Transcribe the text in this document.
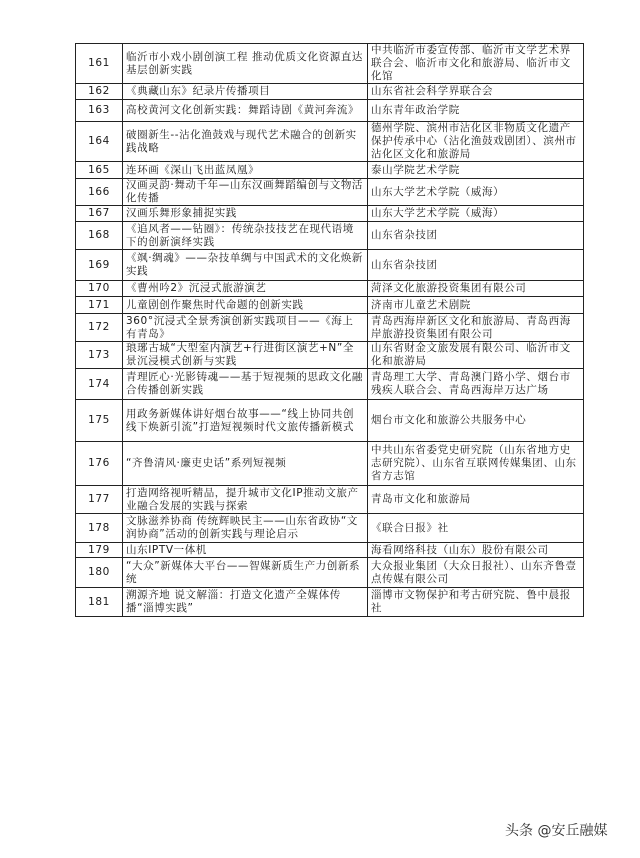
161	临沂市小戏小剧创演工程 推动优质文化资源直达基层创新实践	中共临沂市委宣传部、临沂市文学艺术界联合会、临沂市文化和旅游局、临沂市文化馆
162	《典藏山东》纪录片传播项目	山东省社会科学界联合会
163	高校黄河文化创新实践：舞蹈诗剧《黄河奔流》	山东青年政治学院
164	破圈新生--沾化渔鼓戏与现代艺术融合的创新实践战略	德州学院、滨州市沾化区非物质文化遗产保护传承中心（沾化渔鼓戏剧团）、滨州市沾化区文化和旅游局
165	连环画《深山飞出蓝凤凰》	泰山学院艺术学院
166	汉画灵韵·舞动千年—山东汉画舞蹈编创与文物活化传播	山东大学艺术学院（威海）
167	汉画乐舞形象捕捉实践	山东大学艺术学院（威海）
168	《追风者——钻圈》：传统杂技技艺在现代语境下的创新演绎实践	山东省杂技团
169	《飒·绸魂》——杂技单绸与中国武术的文化焕新实践	山东省杂技团
170	《曹州吟2》沉浸式旅游演艺	菏泽文化旅游投资集团有限公司
171	儿童剧创作聚焦时代命题的创新实践	济南市儿童艺术剧院
172	360°沉浸式全景秀演创新实践项目——《海上有青岛》	青岛西海岸新区文化和旅游局、青岛西海岸旅游投资集团有限公司
173	琅琊古城“大型室内演艺+行进街区演艺+N”全景沉浸模式创新与实践	山东省财金文旅发展有限公司、临沂市文化和旅游局
174	青理匠心·光影铸魂——基于短视频的思政文化融合传播创新实践	青岛理工大学、青岛澳门路小学、烟台市残疾人联合会、青岛西海岸万达广场
175	用政务新媒体讲好烟台故事——“线上协同共创线下焕新引流”打造短视频时代文旅传播新模式	烟台市文化和旅游公共服务中心
176	“齐鲁清风·廉吏史话”系列短视频	中共山东省委党史研究院（山东省地方史志研究院）、山东省互联网传媒集团、山东省方志馆
177	打造网络视听精品，提升城市文化IP推动文旅产业融合发展的实践与探索	青岛市文化和旅游局
178	文脉滋养协商 传统辉映民主——山东省政协“文润协商”活动的创新实践与理论启示	《联合日报》社
179	山东IPTV一体机	海看网络科技（山东）股份有限公司
180	“大众”新媒体大平台——智媒新质生产力创新系统	大众报业集团（大众日报社）、山东齐鲁壹点传媒有限公司
181	溯源齐地 说文解淄：打造文化遗产全媒体传播“淄博实践”	淄博市文物保护和考古研究院、鲁中晨报社
头条 @安丘融媒
